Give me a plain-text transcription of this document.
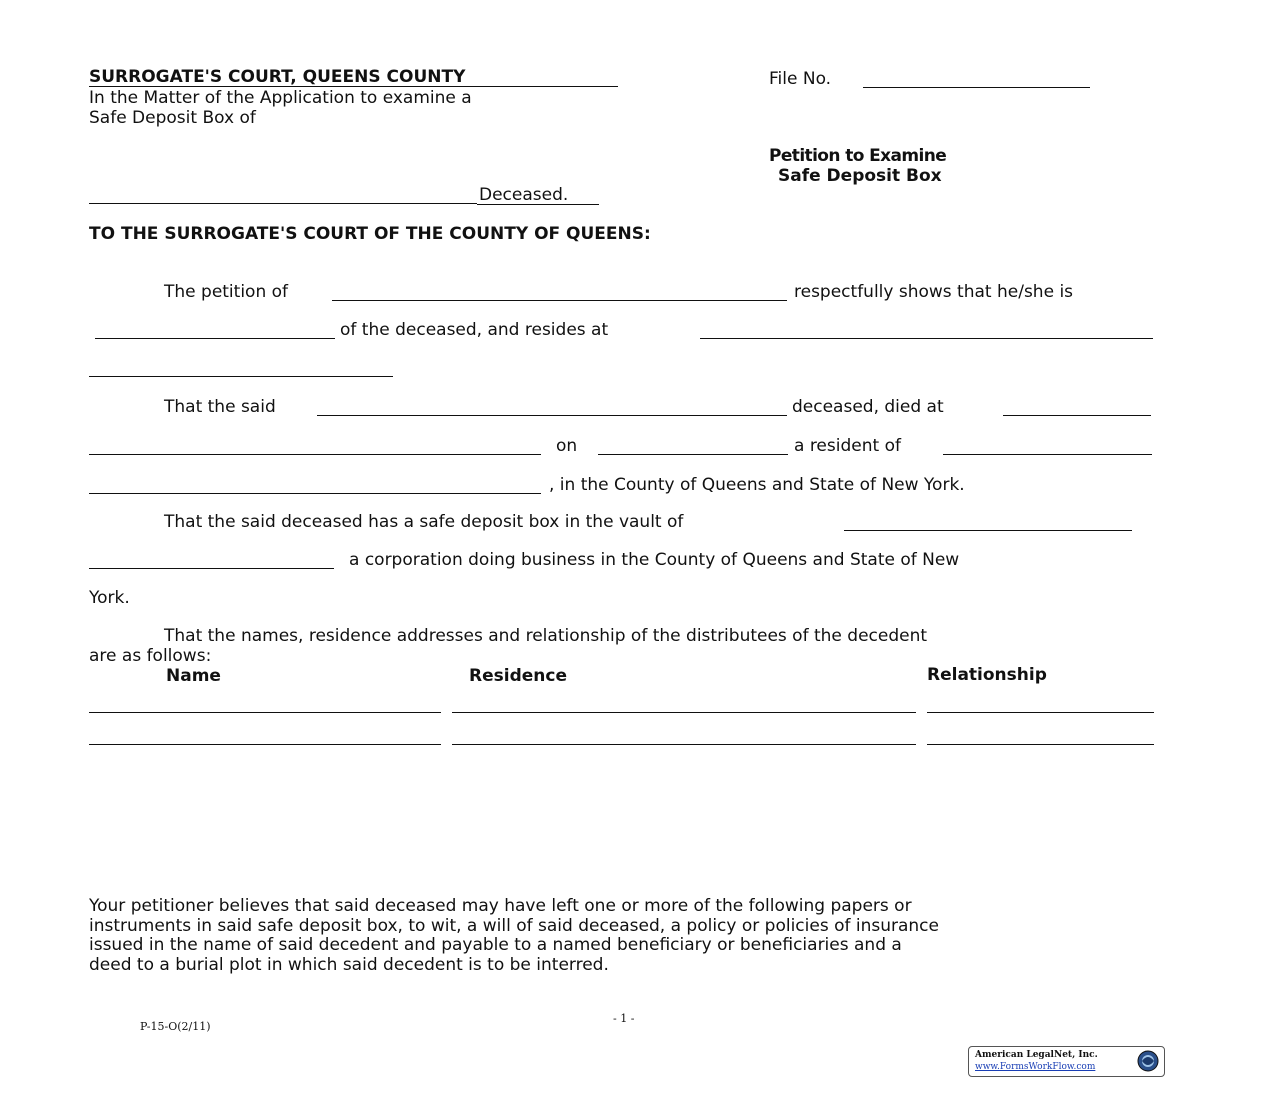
SURROGATE'S COURT, QUEENS COUNTY
In the Matter of the Application to examine a
Safe Deposit Box of
File No.
Petition to Examine
Safe Deposit Box
Deceased.
TO THE SURROGATE'S COURT OF THE COUNTY OF QUEENS:
The petition of	respectfully shows that he/she is
of the deceased, and resides at
That the said	deceased, died at
on	a resident of
, in the County of Queens and State of New York.
That the said deceased has a safe deposit box in the vault of
a corporation doing business in the County of Queens and State of New
York.
That the names, residence addresses and relationship of the distributees of the decedent
are as follows:
Name	Residence	Relationship
Your petitioner believes that said deceased may have left one or more of the following papers or
instruments in said safe deposit box, to wit, a will of said deceased, a policy or policies of insurance
issued in the name of said decedent and payable to a named beneficiary or beneficiaries and a
deed to a burial plot in which said decedent is to be interred.
P-15-O(2/11)
- 1 -
American LegalNet, Inc.
www.FormsWorkFlow.com
